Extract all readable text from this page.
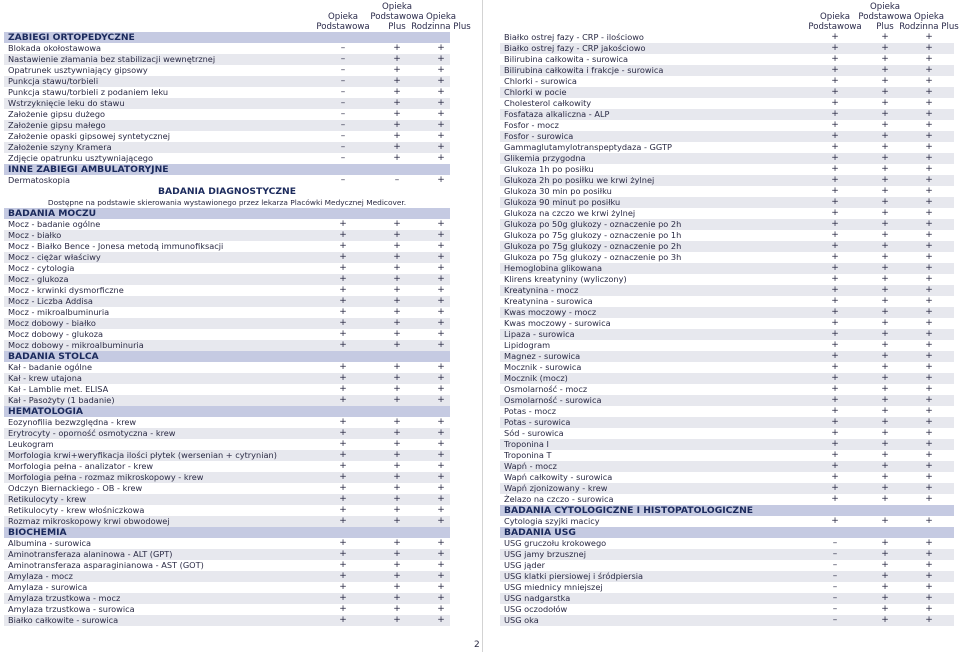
Opieka Podstawowa
Opieka Podstawowa Plus
Opieka Rodzinna Plus
ZABIEGI ORTOPEDYCZNE
Blokada okołostawowa	–	+	+
Nastawienie złamania bez stabilizacji wewnętrznej	–	+	+
Opatrunek usztywniający gipsowy	–	+	+
Punkcja stawu/torbieli	–	+	+
Punkcja stawu/torbieli z podaniem leku	–	+	+
Wstrzyknięcie leku do stawu	–	+	+
Założenie gipsu dużego	–	+	+
Założenie gipsu małego	–	+	+
Założenie opaski gipsowej syntetycznej	–	+	+
Założenie szyny Kramera	–	+	+
Zdjęcie opatrunku usztywniającego	–	+	+
INNE ZABIEGI AMBULATORYJNE
Dermatoskopia	–	–	+
BADANIA DIAGNOSTYCZNE
Dostępne na podstawie skierowania wystawionego przez lekarza Placówki Medycznej Medicover.
BADANIA MOCZU
Mocz - badanie ogólne	+	+	+
Mocz - białko	+	+	+
Mocz - Białko Bence - Jonesa metodą immunofiksacji	+	+	+
Mocz - ciężar właściwy	+	+	+
Mocz - cytologia	+	+	+
Mocz - glukoza	+	+	+
Mocz - krwinki dysmorficzne	+	+	+
Mocz - Liczba Addisa	+	+	+
Mocz - mikroalbuminuria	+	+	+
Mocz dobowy - białko	+	+	+
Mocz dobowy - glukoza	+	+	+
Mocz dobowy - mikroalbuminuria	+	+	+
BADANIA STOLCA
Kał - badanie ogólne	+	+	+
Kał - krew utajona	+	+	+
Kał - Lamblie met. ELISA	+	+	+
Kał - Pasożyty (1 badanie)	+	+	+
HEMATOLOGIA
Eozynofilia bezwzględna - krew	+	+	+
Erytrocyty - oporność osmotyczna - krew	+	+	+
Leukogram	+	+	+
Morfologia krwi+weryfikacja ilości płytek (wersenian + cytrynian)	+	+	+
Morfologia pełna - analizator - krew	+	+	+
Morfologia pełna - rozmaz mikroskopowy - krew	+	+	+
Odczyn Biernackiego - OB - krew	+	+	+
Retikulocyty - krew	+	+	+
Retikulocyty - krew włośniczkowa	+	+	+
Rozmaz mikroskopowy krwi obwodowej	+	+	+
BIOCHEMIA
Albumina - surowica	+	+	+
Aminotransferaza alaninowa - ALT (GPT)	+	+	+
Aminotransferaza asparaginianowa - AST (GOT)	+	+	+
Amylaza - mocz	+	+	+
Amylaza - surowica	+	+	+
Amylaza trzustkowa - mocz	+	+	+
Amylaza trzustkowa - surowica	+	+	+
Białko całkowite - surowica	+	+	+
Opieka Podstawowa
Opieka Podstawowa Plus
Opieka Rodzinna Plus
Białko ostrej fazy - CRP - ilościowo	+	+	+
Białko ostrej fazy - CRP jakościowo	+	+	+
Bilirubina całkowita - surowica	+	+	+
Bilirubina całkowita i frakcje - surowica	+	+	+
Chlorki - surowica	+	+	+
Chlorki w pocie	+	+	+
Cholesterol całkowity	+	+	+
Fosfataza alkaliczna - ALP	+	+	+
Fosfor - mocz	+	+	+
Fosfor - surowica	+	+	+
Gammaglutamylotranspeptydaza - GGTP	+	+	+
Glikemia przygodna	+	+	+
Glukoza 1h po posiłku	+	+	+
Glukoza 2h po posiłku we krwi żylnej	+	+	+
Glukoza 30 min po posiłku	+	+	+
Glukoza 90 minut po posiłku	+	+	+
Glukoza na czczo we krwi żylnej	+	+	+
Glukoza po 50g glukozy - oznaczenie po 2h	+	+	+
Glukoza po 75g glukozy - oznaczenie po 1h	+	+	+
Glukoza po 75g glukozy - oznaczenie po 2h	+	+	+
Glukoza po 75g glukozy - oznaczenie po 3h	+	+	+
Hemoglobina glikowana	+	+	+
Klirens kreatyniny (wyliczony)	+	+	+
Kreatynina - mocz	+	+	+
Kreatynina - surowica	+	+	+
Kwas moczowy - mocz	+	+	+
Kwas moczowy - surowica	+	+	+
Lipaza - surowica	+	+	+
Lipidogram	+	+	+
Magnez - surowica	+	+	+
Mocznik - surowica	+	+	+
Mocznik (mocz)	+	+	+
Osmolarność - mocz	+	+	+
Osmolarność - surowica	+	+	+
Potas - mocz	+	+	+
Potas - surowica	+	+	+
Sód - surowica	+	+	+
Troponina I	+	+	+
Troponina T	+	+	+
Wapń - mocz	+	+	+
Wapń całkowity - surowica	+	+	+
Wapń zjonizowany - krew	+	+	+
Żelazo na czczo - surowica	+	+	+
BADANIA CYTOLOGICZNE I HISTOPATOLOGICZNE
Cytologia szyjki macicy	+	+	+
BADANIA USG
USG gruczołu krokowego	–	+	+
USG jamy brzusznej	–	+	+
USG jąder	–	+	+
USG klatki piersiowej i śródpiersia	–	+	+
USG miednicy mniejszej	–	+	+
USG nadgarstka	–	+	+
USG oczodołów	–	+	+
USG oka	–	+	+
2
